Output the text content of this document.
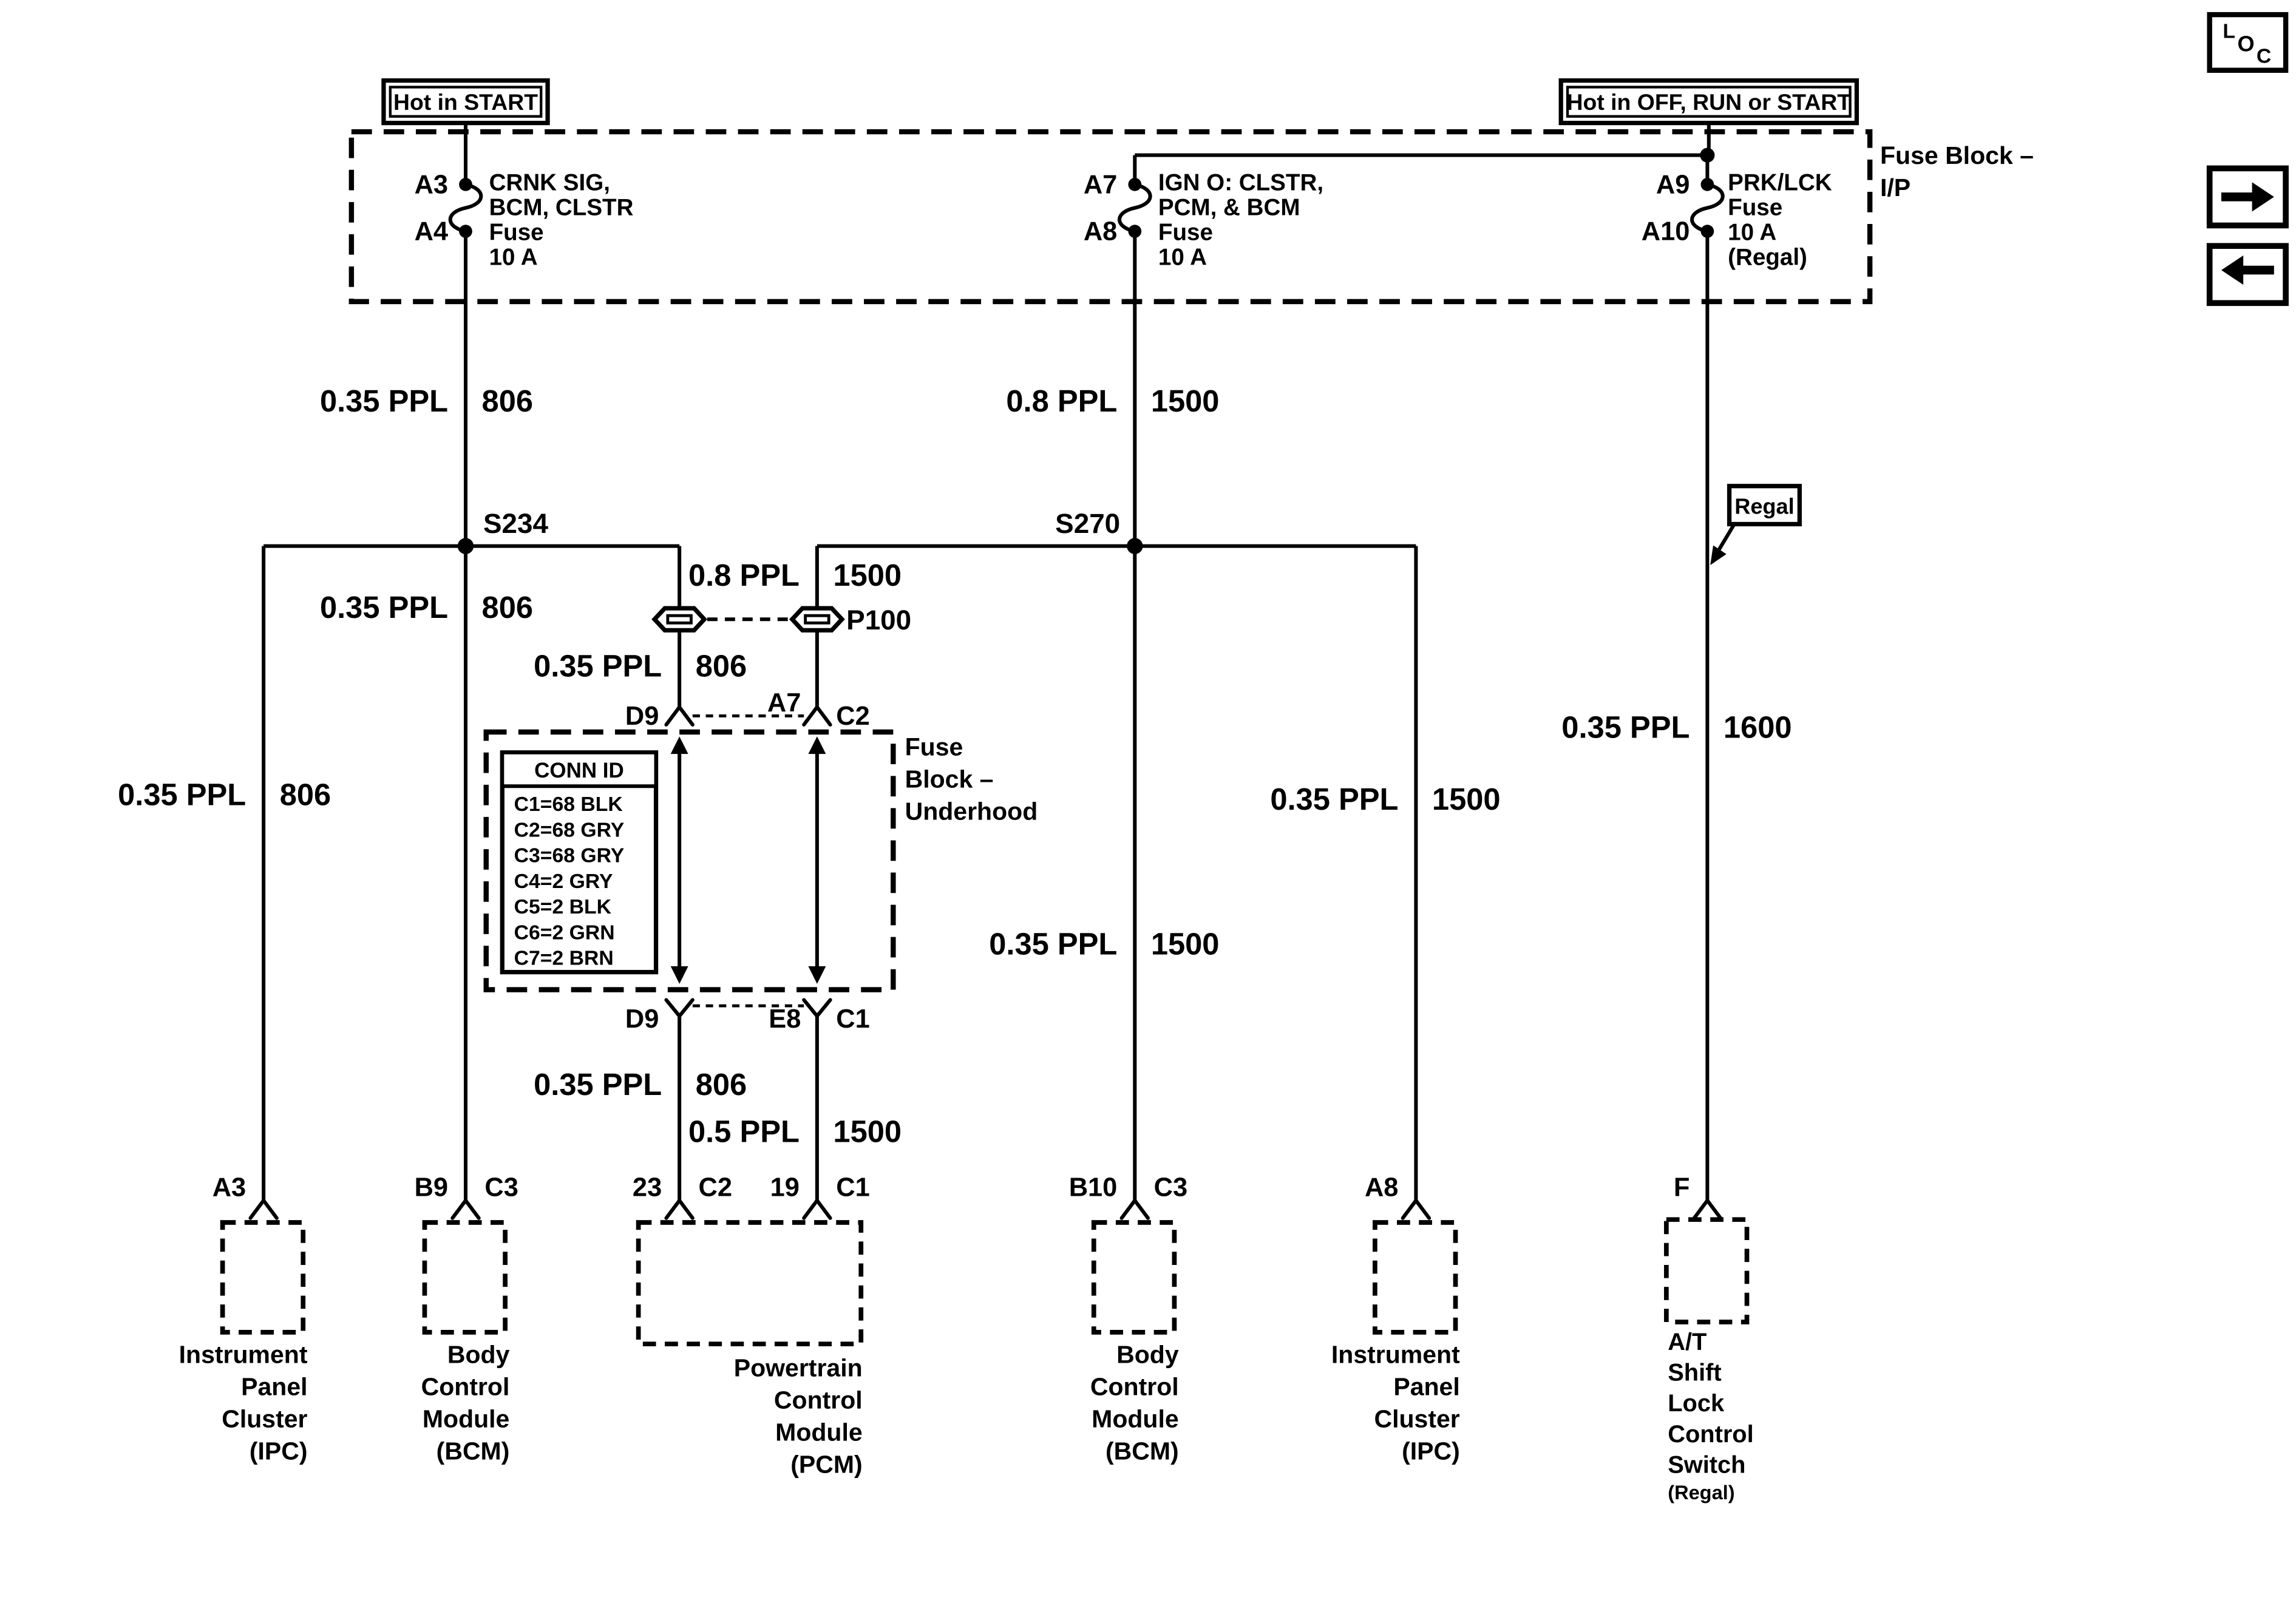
L O
C
Hot in START	Hot in OFF, RUN or START
Fuse Block –
I/P
A3
A4
CRNK SIG,
BCM, CLSTR
Fuse
10 A
A7
A8
IGN O: CLSTR,
PCM, & BCM
Fuse
10 A
A9
A10
PRK/LCK
Fuse
10 A
(Regal)
0.35 PPL	806	0.8 PPL	1500
Regal
0.35 PPL	1600
S234	S270
0.35 PPL	806
0.35 PPL	806	P100
0.8 PPL	1500
0.35 PPL	806
D9	A7	C2
Fuse
Block –
Underhood
CONN ID
C1=68 BLK
C2=68 GRY
C3=68 GRY
C4=2 GRY
C5=2 BLK
C6=2 GRN
C7=2 BRN
D9	E8	C1
0.35 PPL	806
0.5 PPL	1500
0.35 PPL	1500
0.35 PPL	1500
A3	B9	C3	23	C2	19	C1	B10	C3	A8	F
Instrument
Panel
Cluster
(IPC)
Body
Control
Module
(BCM)
Powertrain
Control
Module
(PCM)
Body
Control
Module
(BCM)
Instrument
Panel
Cluster
(IPC)
A/T
Shift
Lock
Control
Switch
(Regal)
